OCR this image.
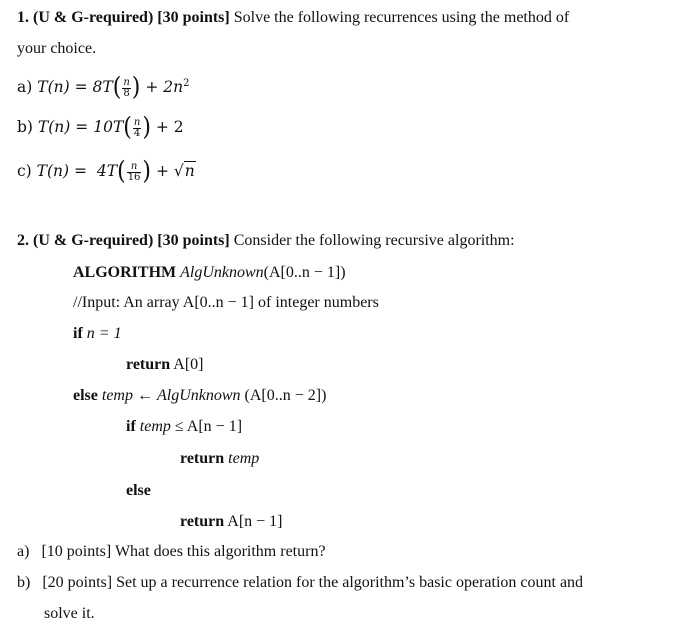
1. (U & G-required) [30 points] Solve the following recurrences using the method of
your choice.
a) $T(n) = 8T( \frac{n}{8}$ ) + $2n^2$
b) $T(n) = 10T( \frac{n}{4}$ ) + 2
c) $T(n) = 4T( \frac{n}{16}$ ) + √n
2. (U & G-required) [30 points] Consider the following recursive algorithm:
ALGORITHM AlgUnknown(A[0..n − 1])
//Input: An array A[0..n − 1] of integer numbers
if n = 1
return A[0]
else temp ← AlgUnknown (A[0..n − 2])
if temp ≤ A[n − 1]
return temp
else
return A[n − 1]
a) [10 points] What does this algorithm return?
b) [20 points] Set up a recurrence relation for the algorithm’s basic operation count and
solve it.
